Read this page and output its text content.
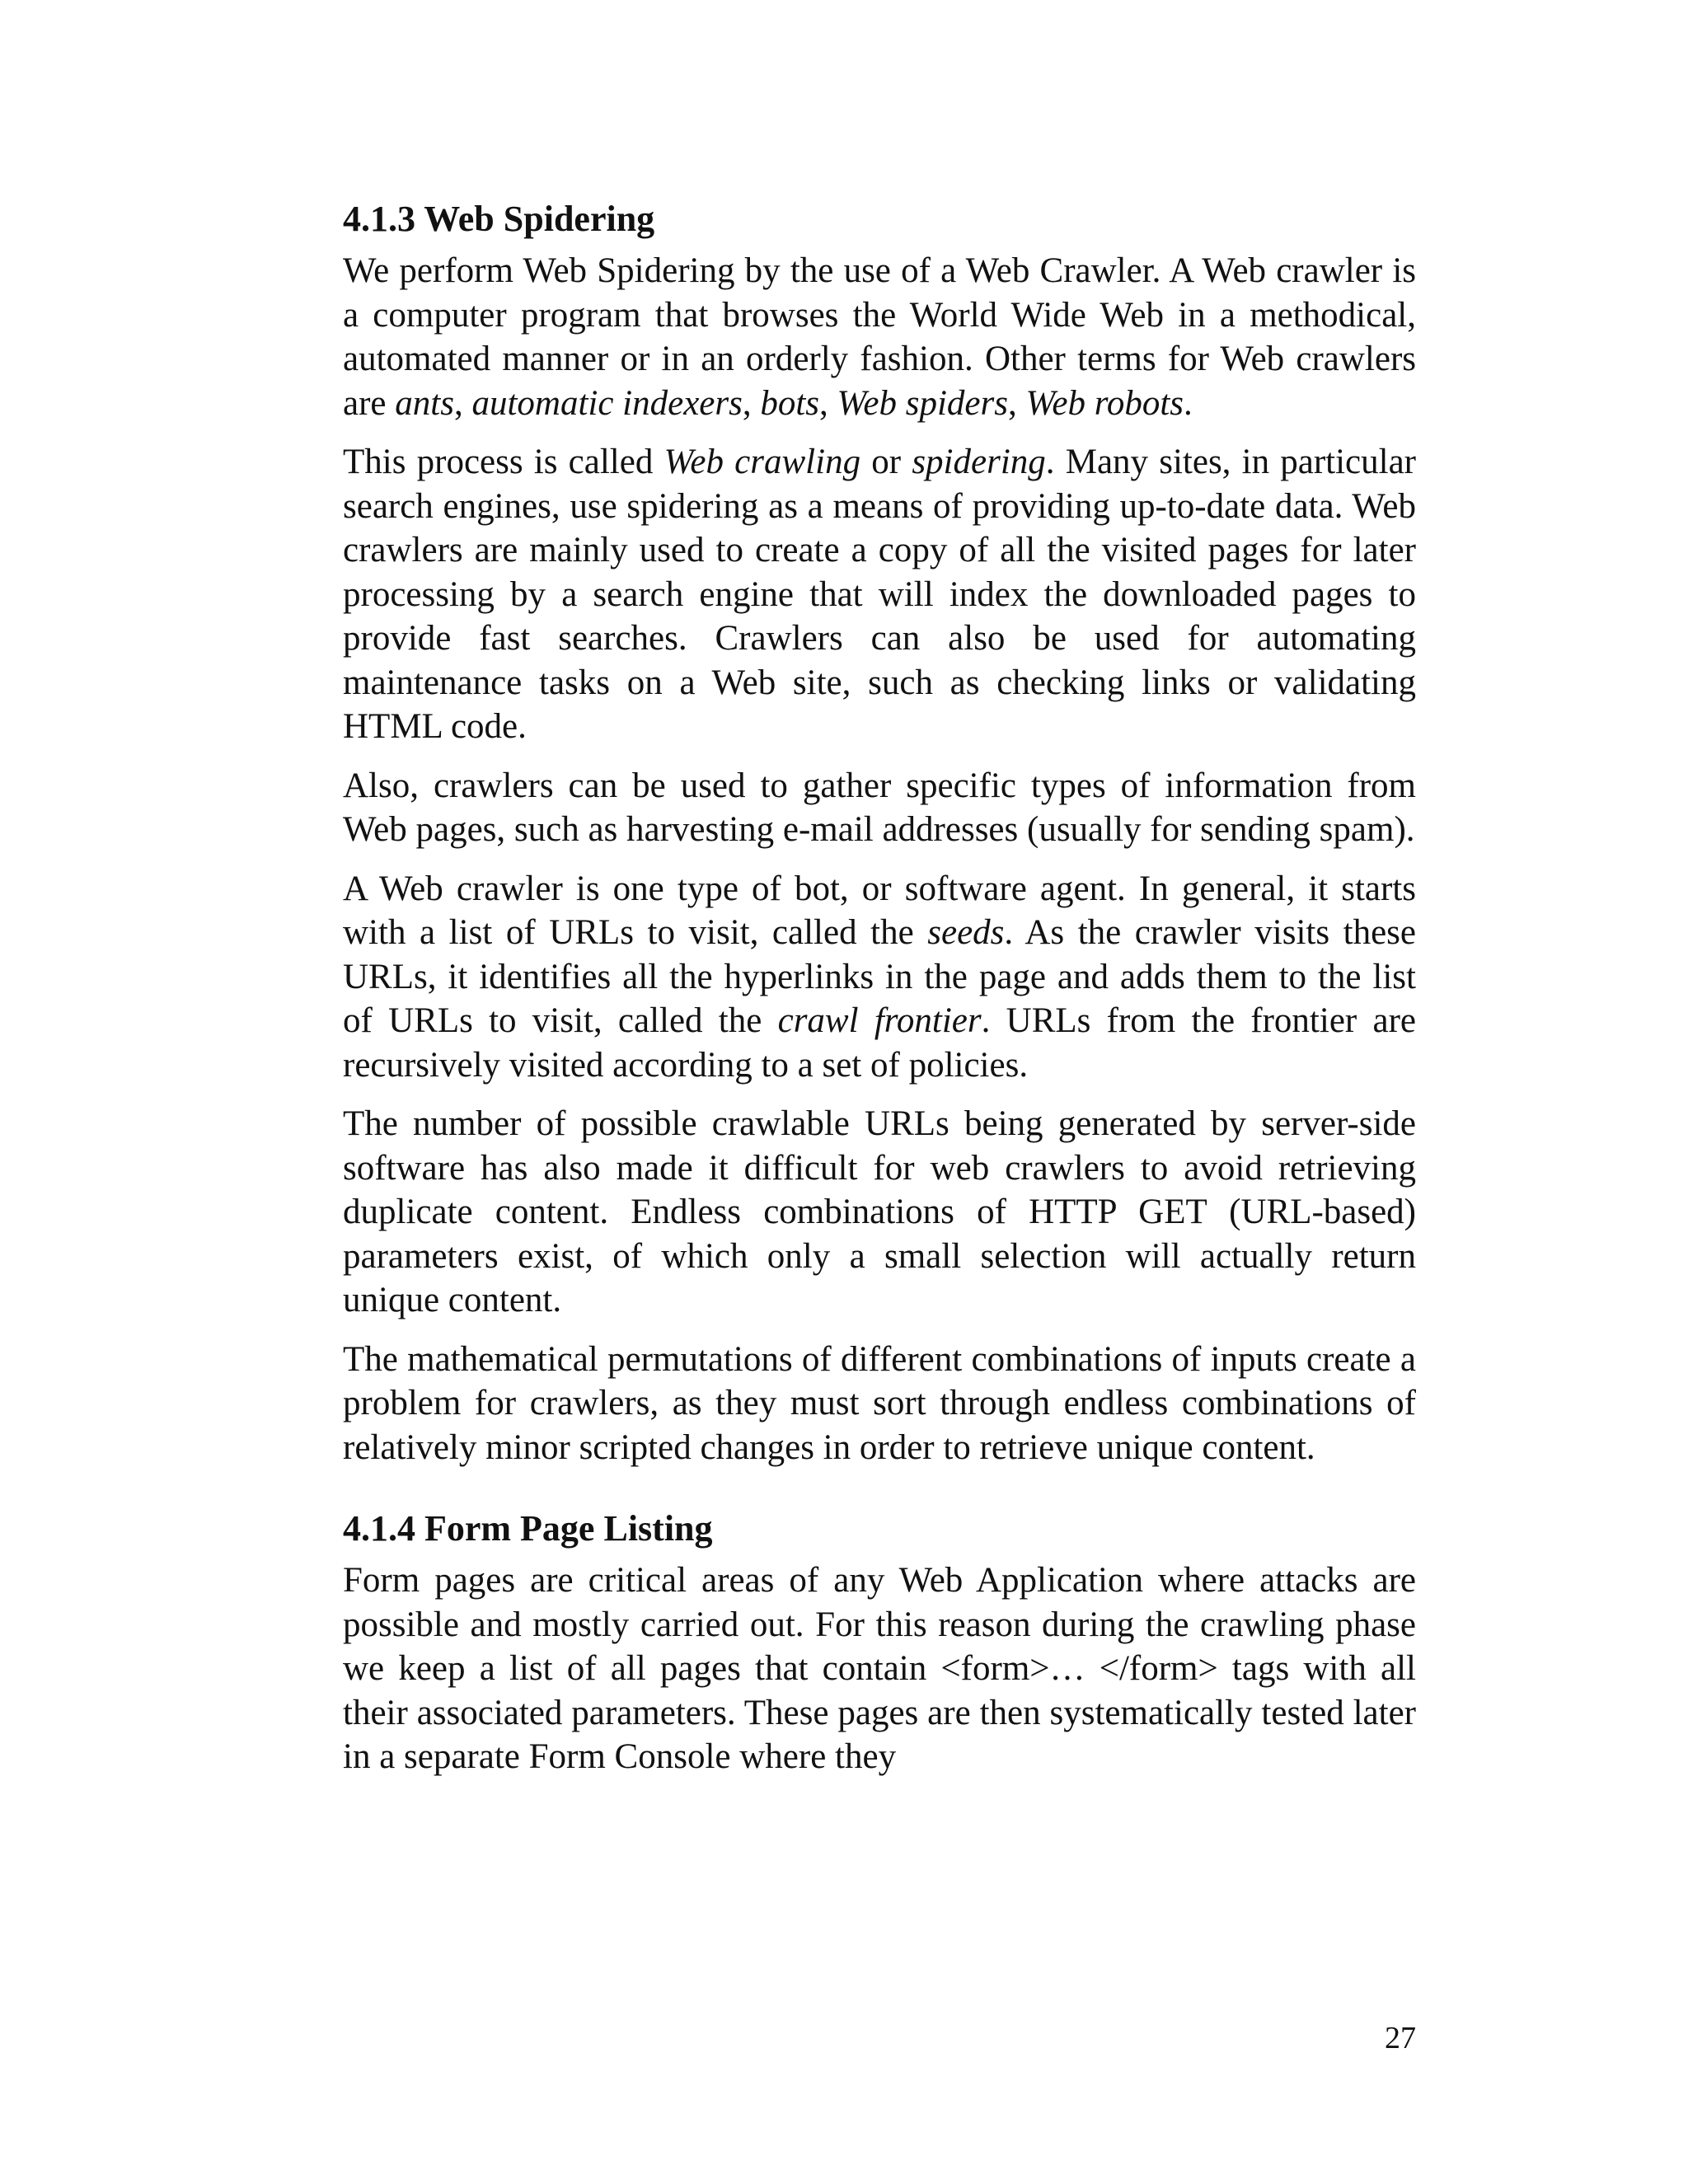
4.1.3 Web Spidering

We perform Web Spidering by the use of a Web Crawler. A Web crawler is a computer program that browses the World Wide Web in a methodical, automated manner or in an orderly fashion. Other terms for Web crawlers are ants, automatic indexers, bots, Web spiders, Web robots.

This process is called Web crawling or spidering. Many sites, in particular search engines, use spidering as a means of providing up-to-date data. Web crawlers are mainly used to create a copy of all the visited pages for later processing by a search engine that will index the downloaded pages to provide fast searches. Crawlers can also be used for automating maintenance tasks on a Web site, such as checking links or validating HTML code.

Also, crawlers can be used to gather specific types of information from Web pages, such as harvesting e-mail addresses (usually for sending spam).

A Web crawler is one type of bot, or software agent. In general, it starts with a list of URLs to visit, called the seeds. As the crawler visits these URLs, it identifies all the hyperlinks in the page and adds them to the list of URLs to visit, called the crawl frontier. URLs from the frontier are recursively visited according to a set of policies.

The number of possible crawlable URLs being generated by server-side software has also made it difficult for web crawlers to avoid retrieving duplicate content. Endless combinations of HTTP GET (URL-based) parameters exist, of which only a small selection will actually return unique content.

The mathematical permutations of different combinations of inputs create a problem for crawlers, as they must sort through endless combinations of relatively minor scripted changes in order to retrieve unique content.

4.1.4 Form Page Listing

Form pages are critical areas of any Web Application where attacks are possible and mostly carried out. For this reason during the crawling phase we keep a list of all pages that contain <form>… </form> tags with all their associated parameters. These pages are then systematically tested later in a separate Form Console where they

27
